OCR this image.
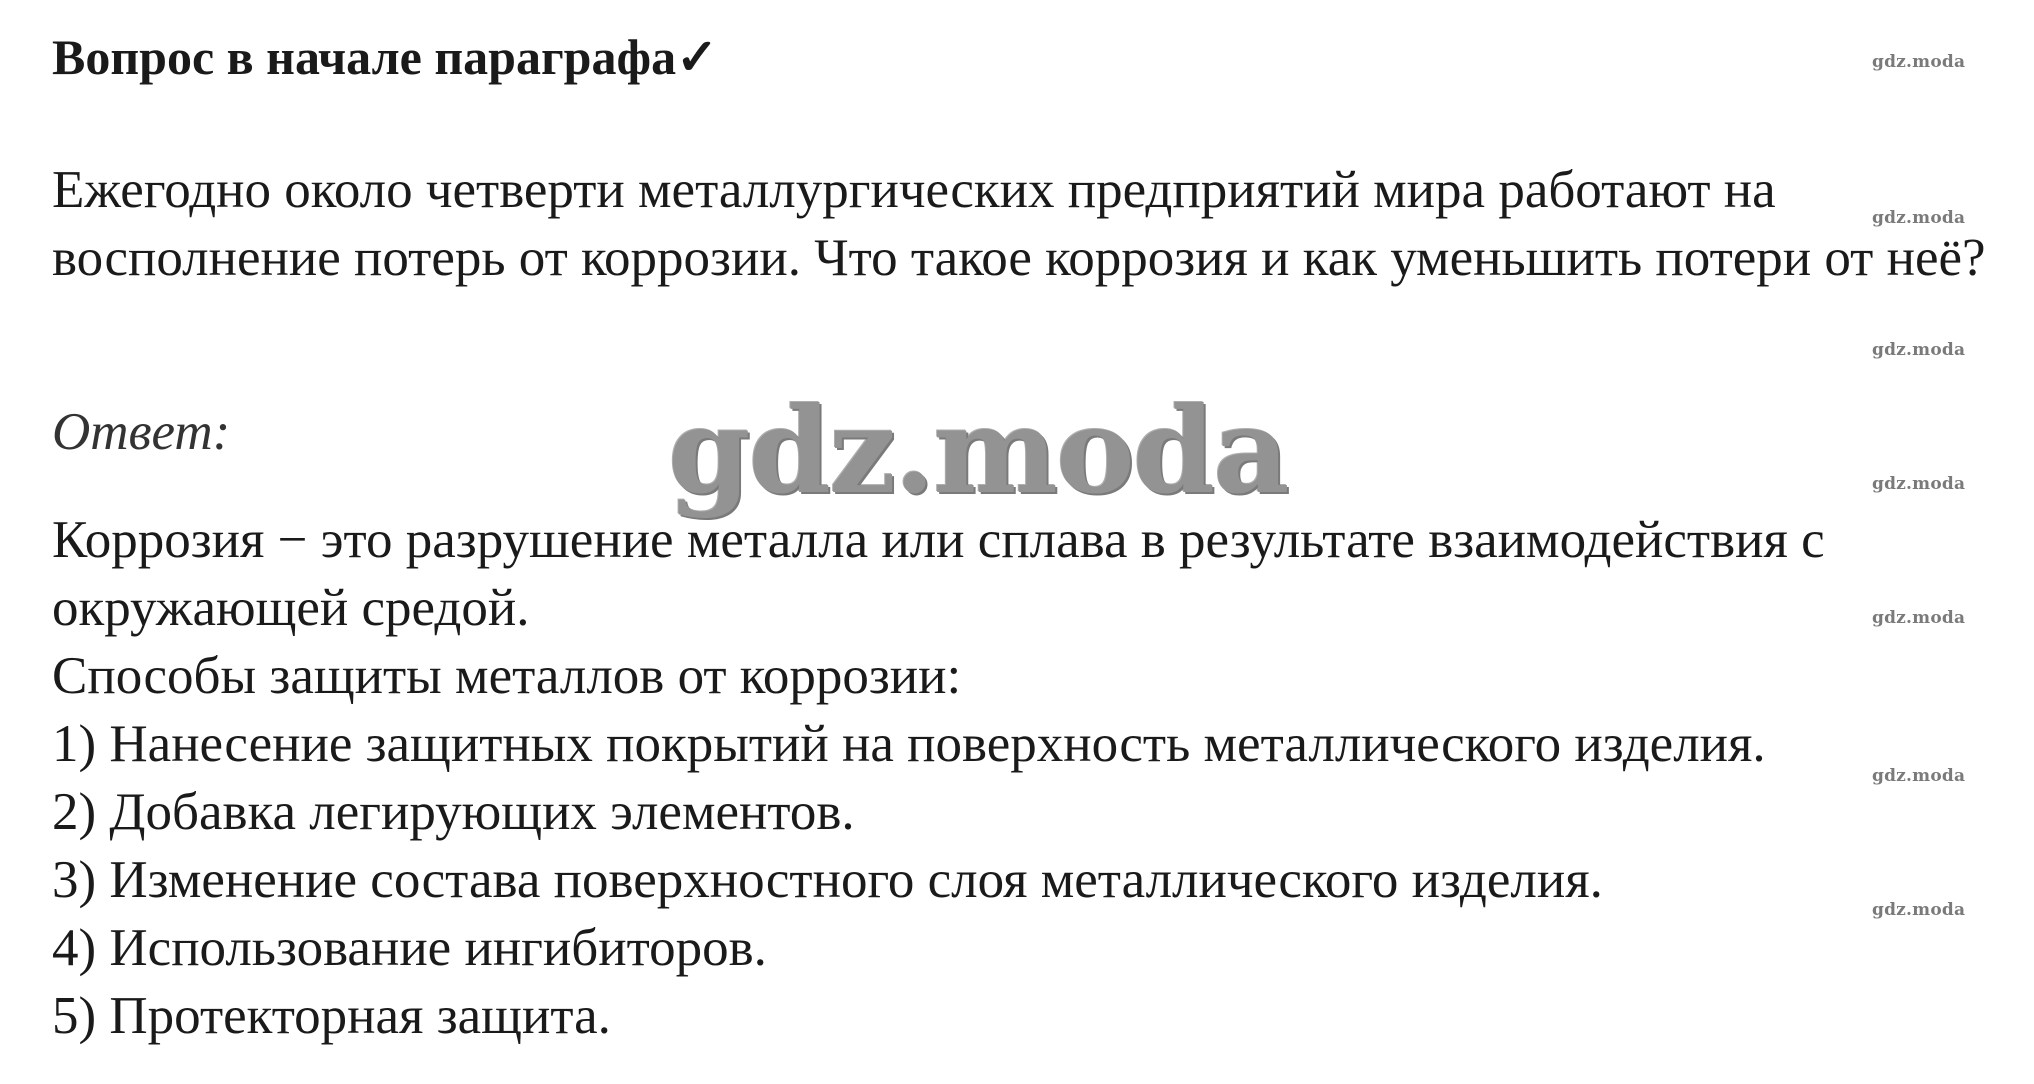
Вопрос в начале параграфа✓

Ежегодно около четверти металлургических предприятий мира работают на восполнение потерь от коррозии. Что такое коррозия и как уменьшить потери от неё?

Ответ:

Коррозия − это разрушение металла или сплава в результате взаимодействия с окружающей средой.

Способы защиты металлов от коррозии:

1) Нанесение защитных покрытий на поверхность металлического изделия.
2) Добавка легирующих элементов.
3) Изменение состава поверхностного слоя металлического изделия.
4) Использование ингибиторов.
5) Протекторная защита.
gdz.moda
gdz.moda
gdz.moda
gdz.moda
gdz.moda
gdz.moda
gdz.moda
gdz.moda
